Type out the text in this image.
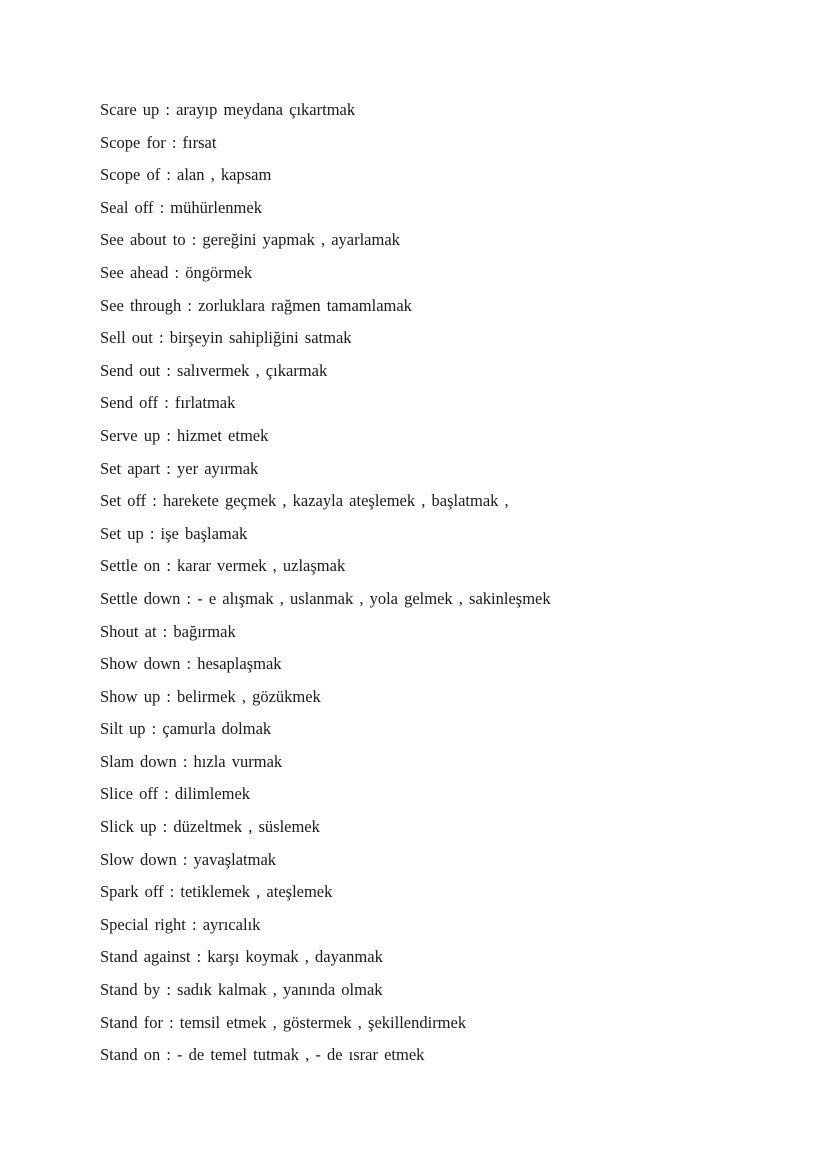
Scare up : arayıp meydana çıkartmak
Scope for : fırsat
Scope of : alan , kapsam
Seal off : mühürlenmek
See about to : gereğini yapmak , ayarlamak
See ahead : öngörmek
See through : zorluklara rağmen tamamlamak
Sell out : birşeyin sahipliğini satmak
Send out : salıvermek , çıkarmak
Send off : fırlatmak
Serve up : hizmet etmek
Set apart : yer ayırmak
Set off : harekete geçmek , kazayla ateşlemek , başlatmak ,
Set up : işe başlamak
Settle on : karar vermek , uzlaşmak
Settle down : - e alışmak , uslanmak , yola gelmek , sakinleşmek
Shout at : bağırmak
Show down : hesaplaşmak
Show up : belirmek , gözükmek
Silt up : çamurla dolmak
Slam down : hızla vurmak
Slice off : dilimlemek
Slick up : düzeltmek , süslemek
Slow down : yavaşlatmak
Spark off : tetiklemek , ateşlemek
Special right : ayrıcalık
Stand against : karşı koymak , dayanmak
Stand by : sadık kalmak , yanında olmak
Stand for : temsil etmek , göstermek , şekillendirmek
Stand on : - de temel tutmak , - de ısrar etmek
